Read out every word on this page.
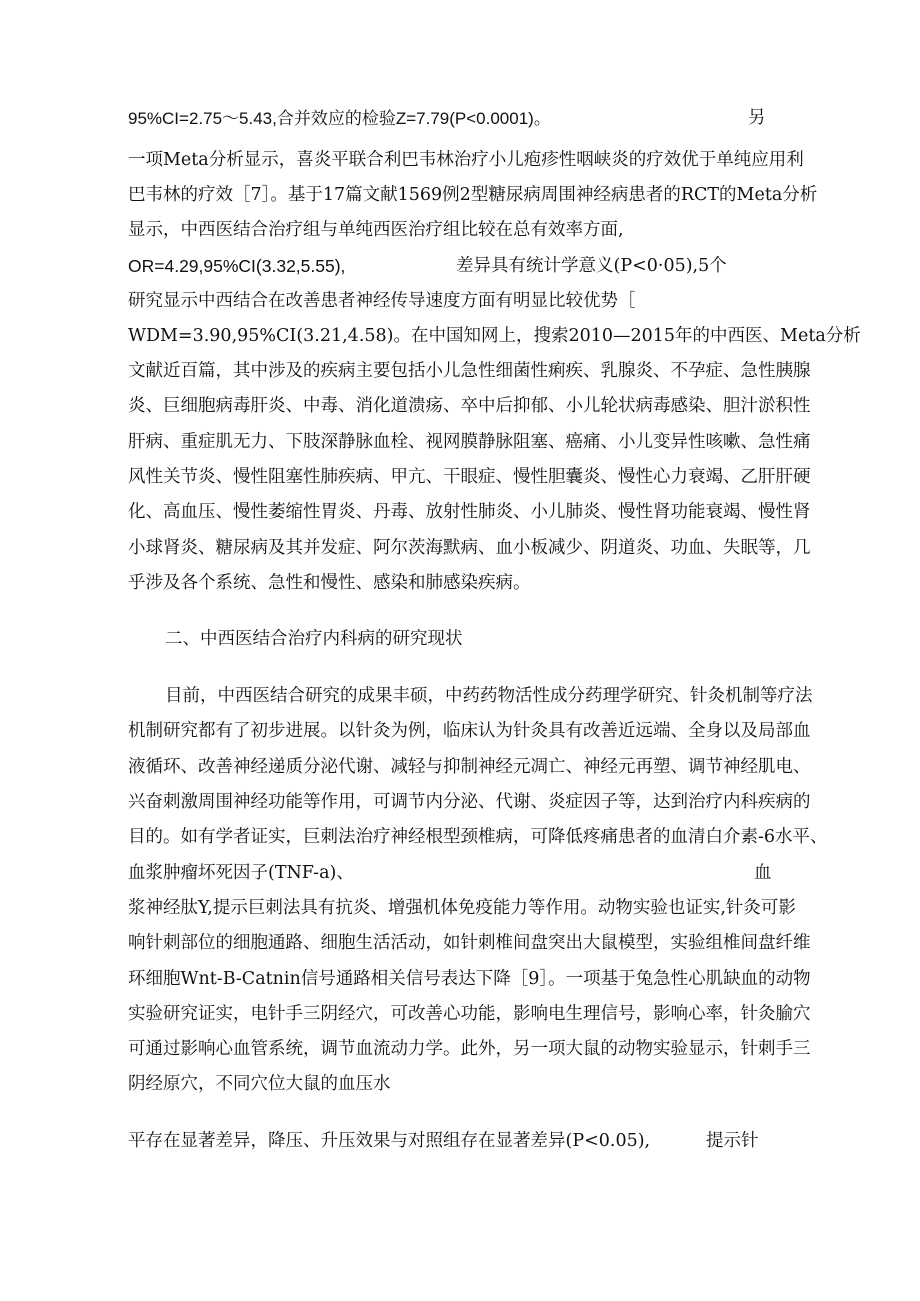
95%CI=2.75～5.43,合并效应的检验Z=7.79(P<0.0001)。	另
一项Meta分析显示，喜炎平联合利巴韦林治疗小儿疱疹性咽峡炎的疗效优于单纯应用利
巴韦林的疗效［7］。基于17篇文献1569例2型糖尿病周围神经病患者的RCT的Meta分析
显示，中西医结合治疗组与单纯西医治疗组比较在总有效率方面,
OR=4.29,95%CI(3.32,5.55),	差异具有统计学意义(P<0·05),5个
研究显示中西结合在改善患者神经传导速度方面有明显比较优势［
WDM=3.90,95%CI(3.21,4.58)。在中国知网上，搜索2010—2015年的中西医、Meta分析
文献近百篇，其中涉及的疾病主要包括小儿急性细菌性痢疾、乳腺炎、不孕症、急性胰腺
炎、巨细胞病毒肝炎、中毒、消化道溃疡、卒中后抑郁、小儿轮状病毒感染、胆汁淤积性
肝病、重症肌无力、下肢深静脉血栓、视网膜静脉阻塞、癌痛、小儿变异性咳嗽、急性痛
风性关节炎、慢性阻塞性肺疾病、甲亢、干眼症、慢性胆囊炎、慢性心力衰竭、乙肝肝硬
化、高血压、慢性萎缩性胃炎、丹毒、放射性肺炎、小儿肺炎、慢性肾功能衰竭、慢性肾
小球肾炎、糖尿病及其并发症、阿尔茨海默病、血小板减少、阴道炎、功血、失眠等，几
乎涉及各个系统、急性和慢性、感染和肺感染疾病。
二、中西医结合治疗内科病的研究现状
目前，中西医结合研究的成果丰硕，中药药物活性成分药理学研究、针灸机制等疗法
机制研究都有了初步进展。以针灸为例，临床认为针灸具有改善近远端、全身以及局部血
液循环、改善神经递质分泌代谢、减轻与抑制神经元凋亡、神经元再塑、调节神经肌电、
兴奋刺激周围神经功能等作用，可调节内分泌、代谢、炎症因子等，达到治疗内科疾病的
目的。如有学者证实，巨刺法治疗神经根型颈椎病，可降低疼痛患者的血清白介素-6水平、
血浆肿瘤坏死因子(TNF-a)、	血
浆神经肽Y,提示巨刺法具有抗炎、增强机体免疫能力等作用。动物实验也证实,针灸可影
响针刺部位的细胞通路、细胞生活活动，如针刺椎间盘突出大鼠模型，实验组椎间盘纤维
环细胞Wnt-B-Catnin信号通路相关信号表达下降［9］。一项基于兔急性心肌缺血的动物
实验研究证实，电针手三阴经穴，可改善心功能，影响电生理信号，影响心率，针灸腧穴
可通过影响心血管系统，调节血流动力学。此外，另一项大鼠的动物实验显示，针刺手三
阴经原穴，不同穴位大鼠的血压水
平存在显著差异，降压、升压效果与对照组存在显著差异(P<0.05),	提示针
